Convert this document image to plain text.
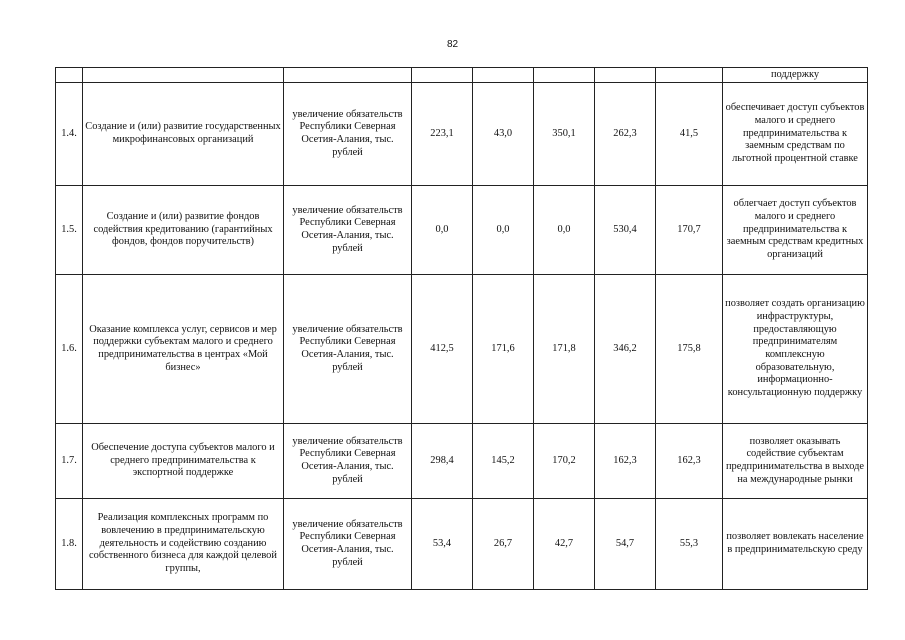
82
								поддержку
1.4.	Создание и (или) развитие государственных микрофинансовых организаций	увеличение обязательств Республики Северная Осетия-Алания, тыс. рублей	223,1	43,0	350,1	262,3	41,5	обеспечивает доступ субъектов малого и среднего предпринимательства к заемным средствам по льготной процентной ставке
1.5.	Создание и (или) развитие фондов содействия кредитованию (гарантийных фондов, фондов поручительств)	увеличение обязательств Республики Северная Осетия-Алания, тыс. рублей	0,0	0,0	0,0	530,4	170,7	облегчает доступ субъектов малого и среднего предпринимательства к заемным средствам кредитных организаций
1.6.	Оказание комплекса услуг, сервисов и мер поддержки субъектам малого и среднего предпринимательства в центрах «Мой бизнес»	увеличение обязательств Республики Северная Осетия-Алания, тыс. рублей	412,5	171,6	171,8	346,2	175,8	позволяет создать организацию инфраструктуры, предоставляющую предпринимателям комплексную образовательную, информационно-консультационную поддержку
1.7.	Обеспечение доступа субъектов малого и среднего предпринимательства к экспортной поддержке	увеличение обязательств Республики Северная Осетия-Алания, тыс. рублей	298,4	145,2	170,2	162,3	162,3	позволяет оказывать содействие субъектам предпринимательства в выходе на международные рынки
1.8.	Реализация комплексных программ по вовлечению в предпринимательскую деятельность и содействию созданию собственного бизнеса для каждой целевой группы,	увеличение обязательств Республики Северная Осетия-Алания, тыс. рублей	53,4	26,7	42,7	54,7	55,3	позволяет вовлекать население в предпринимательскую среду
